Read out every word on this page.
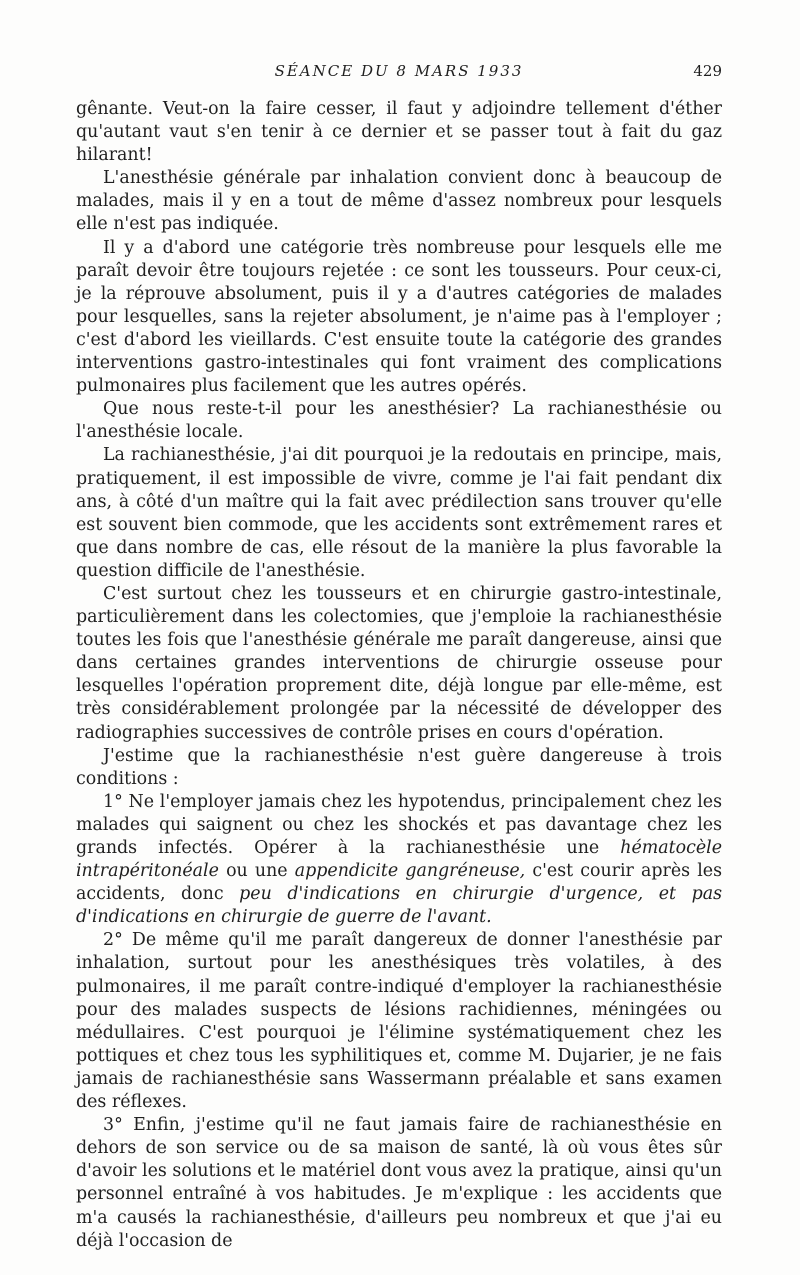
SÉANCE DU 8 MARS 1933	429

gênante. Veut-on la faire cesser, il faut y adjoindre tellement d'éther qu'autant vaut s'en tenir à ce dernier et se passer tout à fait du gaz hilarant!

L'anesthésie générale par inhalation convient donc à beaucoup de malades, mais il y en a tout de même d'assez nombreux pour lesquels elle n'est pas indiquée.

Il y a d'abord une catégorie très nombreuse pour lesquels elle me paraît devoir être toujours rejetée : ce sont les tousseurs. Pour ceux-ci, je la réprouve absolument, puis il y a d'autres catégories de malades pour lesquelles, sans la rejeter absolument, je n'aime pas à l'employer ; c'est d'abord les vieillards. C'est ensuite toute la catégorie des grandes interventions gastro-intestinales qui font vraiment des complications pulmonaires plus facilement que les autres opérés.

Que nous reste-t-il pour les anesthésier? La rachianesthésie ou l'anesthésie locale.

La rachianesthésie, j'ai dit pourquoi je la redoutais en principe, mais, pratiquement, il est impossible de vivre, comme je l'ai fait pendant dix ans, à côté d'un maître qui la fait avec prédilection sans trouver qu'elle est souvent bien commode, que les accidents sont extrêmement rares et que dans nombre de cas, elle résout de la manière la plus favorable la question difficile de l'anesthésie.

C'est surtout chez les tousseurs et en chirurgie gastro-intestinale, particulièrement dans les colectomies, que j'emploie la rachianesthésie toutes les fois que l'anesthésie générale me paraît dangereuse, ainsi que dans certaines grandes interventions de chirurgie osseuse pour lesquelles l'opération proprement dite, déjà longue par elle-même, est très considérablement prolongée par la nécessité de développer des radiographies successives de contrôle prises en cours d'opération.

J'estime que la rachianesthésie n'est guère dangereuse à trois conditions :

1° Ne l'employer jamais chez les hypotendus, principalement chez les malades qui saignent ou chez les shockés et pas davantage chez les grands infectés. Opérer à la rachianesthésie une hématocèle intrapéritonéale ou une appendicite gangréneuse, c'est courir après les accidents, donc peu d'indications en chirurgie d'urgence, et pas d'indications en chirurgie de guerre de l'avant.

2° De même qu'il me paraît dangereux de donner l'anesthésie par inhalation, surtout pour les anesthésiques très volatiles, à des pulmonaires, il me paraît contre-indiqué d'employer la rachianesthésie pour des malades suspects de lésions rachidiennes, méningées ou médullaires. C'est pourquoi je l'élimine systématiquement chez les pottiques et chez tous les syphilitiques et, comme M. Dujarier, je ne fais jamais de rachianesthésie sans Wassermann préalable et sans examen des réflexes.

3° Enfin, j'estime qu'il ne faut jamais faire de rachianesthésie en dehors de son service ou de sa maison de santé, là où vous êtes sûr d'avoir les solutions et le matériel dont vous avez la pratique, ainsi qu'un personnel entraîné à vos habitudes. Je m'explique : les accidents que m'a causés la rachianesthésie, d'ailleurs peu nombreux et que j'ai eu déjà l'occasion de
